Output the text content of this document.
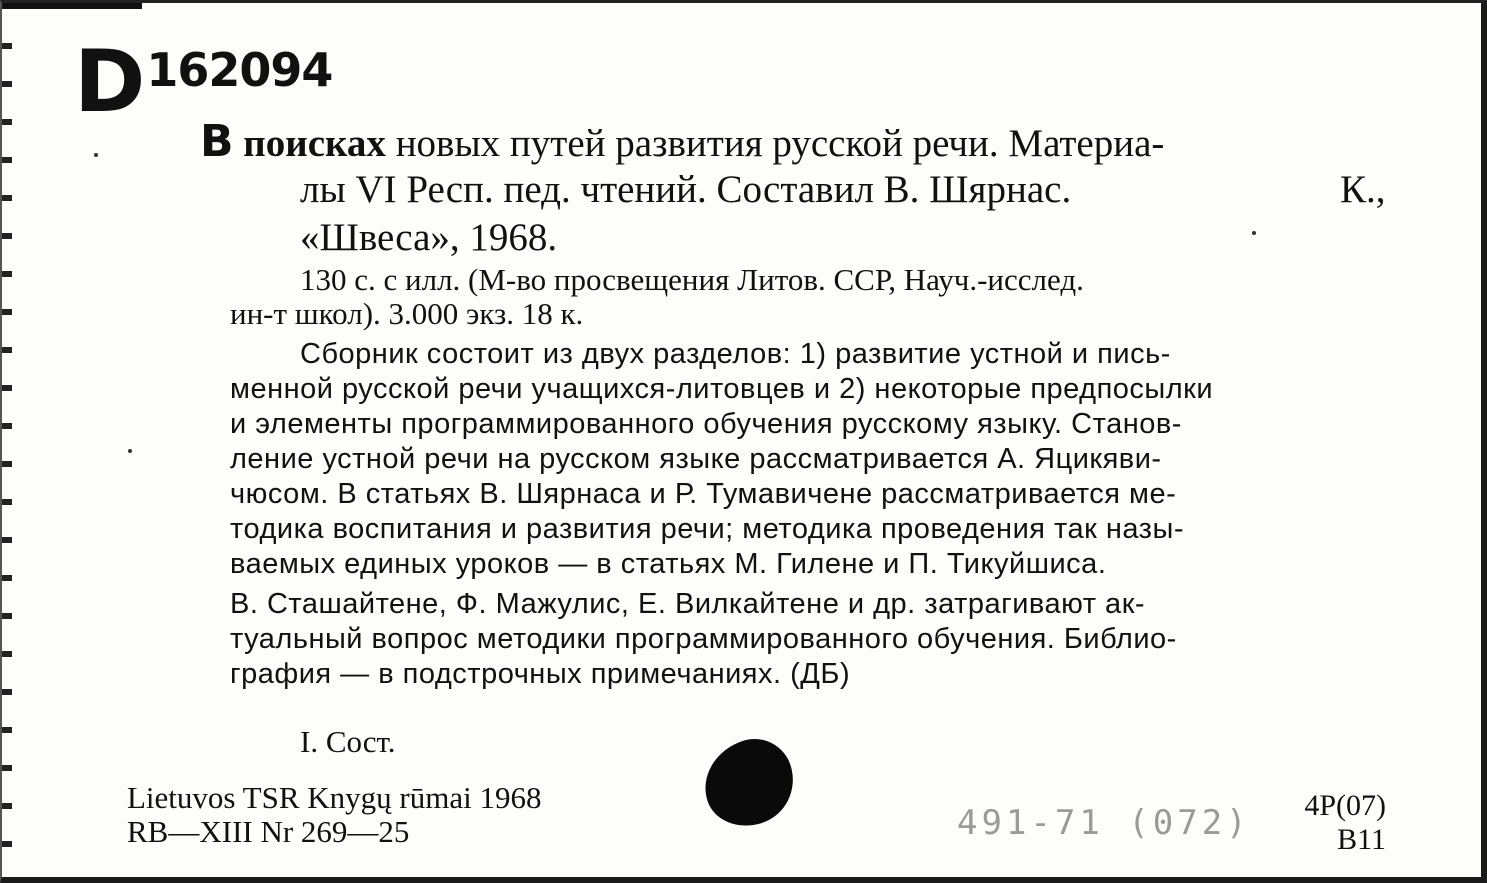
D162094
В поисках новых путей развития русской речи. Материа-
лы VI Респ. пед. чтений. Составил В. Шярнас.	К.,
«Швеса», 1968.
130 с. с илл. (М-во просвещения Литов. ССР, Науч.-исслед.
ин-т школ). 3.000 экз. 18 к.
Сборник состоит из двух разделов: 1) развитие устной и пись-
менной русской речи учащихся-литовцев и 2) некоторые предпосылки
и элементы программированного обучения русскому языку. Станов-
ление устной речи на русском языке рассматривается А. Яцикяви-
чюсом. В статьях В. Шярнаса и Р. Тумавичене рассматривается ме-
тодика воспитания и развития речи; методика проведения так назы-
ваемых единых уроков — в статьях М. Гилене и П. Тикуйшиса.
В. Сташайтене, Ф. Мажулис, Е. Вилкайтене и др. затрагивают ак-
туальный вопрос методики программированного обучения. Библио-
графия — в подстрочных примечаниях. (ДБ)
I. Сост.
Lietuvos TSR Knygų rūmai 1968
RB—XIII Nr 269—25	491-71 (072) 4Р(07)
В11
